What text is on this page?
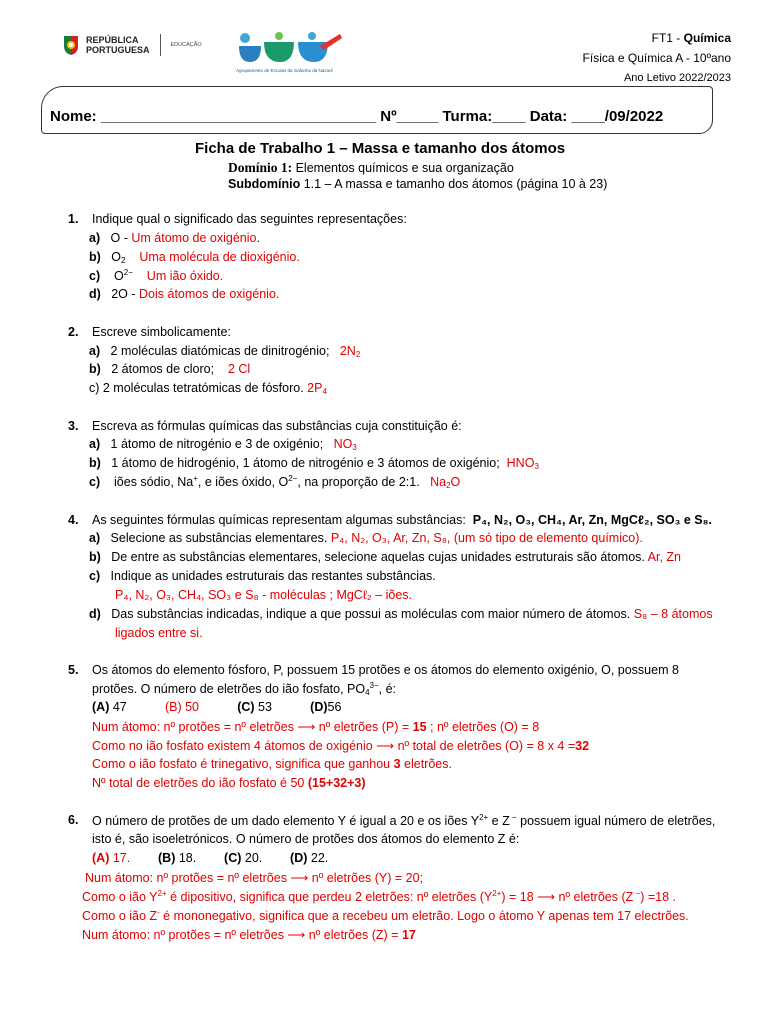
REPÚBLICA
PORTUGUESA	EDUCAÇÃO
Agrupamento de Escolas da Gafanha da Nazaré
FT1 - Química
Física e Química A - 10ºano
Ano Letivo 2022/2023
Nome: _________________________________ Nº_____ Turma:____ Data: ____/09/2022
Ficha de Trabalho 1 – Massa e tamanho dos átomos
Domínio 1: Elementos químicos e sua organização
Subdomínio 1.1 – A massa e tamanho dos átomos (página 10 à 23)
1. Indique qual o significado das seguintes representações:
a) O - Um átomo de oxigénio.
b) $O_2$ Uma molécula de dioxigénio.
c) $O^{2-}$ Um ião óxido.
d) 2O - Dois átomos de oxigénio.
2. Escreve simbolicamente:
a) 2 moléculas diatómicas de dinitrogénio; $2N_2$
b) 2 átomos de cloro; 2 Cl
c) 2 moléculas tetratómicas de fósforo. $2P_4$
3. Escreva as fórmulas químicas das substâncias cuja constituição é:
a) 1 átomo de nitrogénio e 3 de oxigénio; $NO_3$
b) 1 átomo de hidrogénio, 1 átomo de nitrogénio e 3 átomos de oxigénio; $HNO_3$
c) iões sódio, Na+, e iões óxido, $O^{2-}$, na proporção de 2:1. $Na_2O$
4. As seguintes fórmulas químicas representam algumas substâncias: P₄, N₂, O₃, CH₄, Ar, Zn, MgCℓ₂, SO₃ e S₈.
a) Selecione as substâncias elementares. P₄, N₂, O₃, Ar, Zn, S₈, (um só tipo de elemento químico).
b) De entre as substâncias elementares, selecione aquelas cujas unidades estruturais são átomos. Ar, Zn
c) Indique as unidades estruturais das restantes substâncias.
P₄, N₂, O₃, CH₄, SO₃ e S₈ - moléculas ; MgCℓ₂ – iões.
d) Das substâncias indicadas, indique a que possui as moléculas com maior número de átomos. S₈ – 8 átomos
ligados entre si.
5. Os átomos do elemento fósforo, P, possuem 15 protões e os átomos do elemento oxigénio, O, possuem 8
protões. O número de eletrões do ião fosfato, $PO_4^{3-}$, é:
(A) 47	(B) 50	(C) 53	(D)56
Num átomo: nº protões = nº eletrões ⟶ nº eletrões (P) = 15 ; nº eletrões (O) = 8
Como no ião fosfato existem 4 átomos de oxigénio ⟶ nº total de eletrões (O) = 8 x 4 =32
Como o ião fosfato é trinegativo, significa que ganhou 3 eletrões.
Nº total de eletrões do ião fosfato é 50 (15+32+3)
6. O número de protões de um dado elemento Y é igual a 20 e os iões $Y^{2+}$ e Z − possuem igual número de eletrões,
isto é, são isoeletrónicos. O número de protões dos átomos do elemento Z é:
(A) 17. (B) 18. (C) 20. (D) 22.
Num átomo: nº protões = nº eletrões ⟶ nº eletrões (Y) = 20;
Como o ião $Y^{2+}$ é dipositivo, significa que perdeu 2 eletrões: nº eletrões $(Y^{2+}) = 18$ ⟶ nº eletrões (Z −) =18 .
Como o ião Z- é mononegativo, significa que a recebeu um eletrão. Logo o átomo Y apenas tem 17 electrões.
Num átomo: nº protões = nº eletrões ⟶ nº eletrões (Z) = 17
